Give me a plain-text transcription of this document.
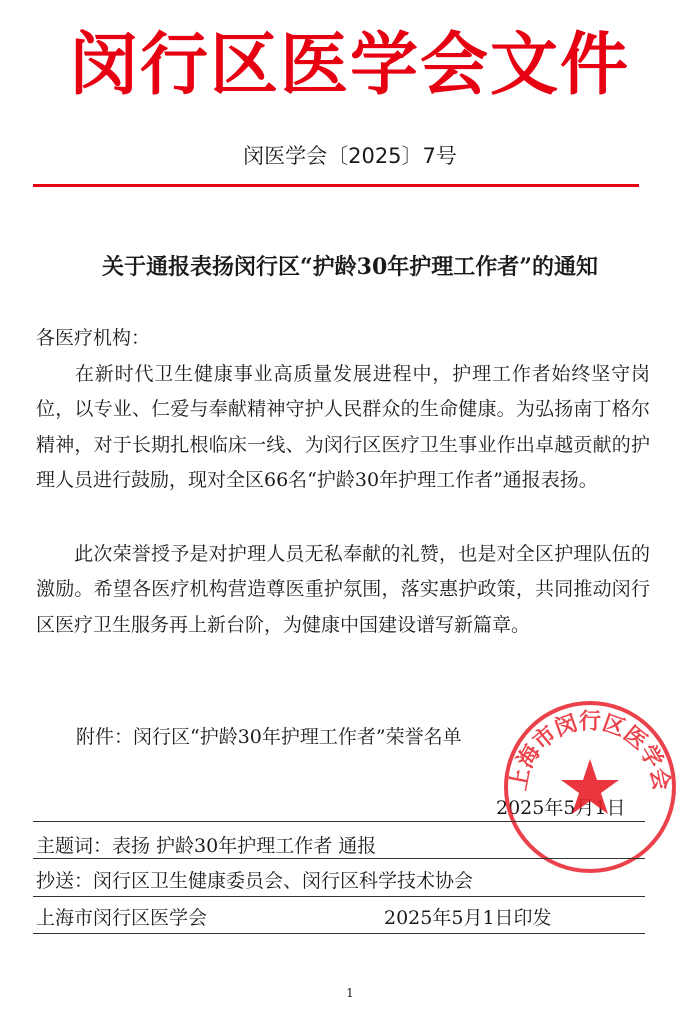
闵行区医学会文件
闵医学会〔2025〕7号
关于通报表扬闵行区“护龄30年护理工作者”的通知
各医疗机构：
在新时代卫生健康事业高质量发展进程中，护理工作者始终坚守岗位，以专业、仁爱与奉献精神守护人民群众的生命健康。为弘扬南丁格尔精神，对于长期扎根临床一线、为闵行区医疗卫生事业作出卓越贡献的护理人员进行鼓励，现对全区66名“护龄30年护理工作者”通报表扬。
此次荣誉授予是对护理人员无私奉献的礼赞，也是对全区护理队伍的激励。希望各医疗机构营造尊医重护氛围，落实惠护政策，共同推动闵行区医疗卫生服务再上新台阶，为健康中国建设谱写新篇章。
附件：闵行区“护龄30年护理工作者”荣誉名单
2025年5月1日
上海市闵行区医学会
主题词：表扬 护龄30年护理工作者 通报
抄送：闵行区卫生健康委员会、闵行区科学技术协会
上海市闵行区医学会	2025年5月1日印发
1
